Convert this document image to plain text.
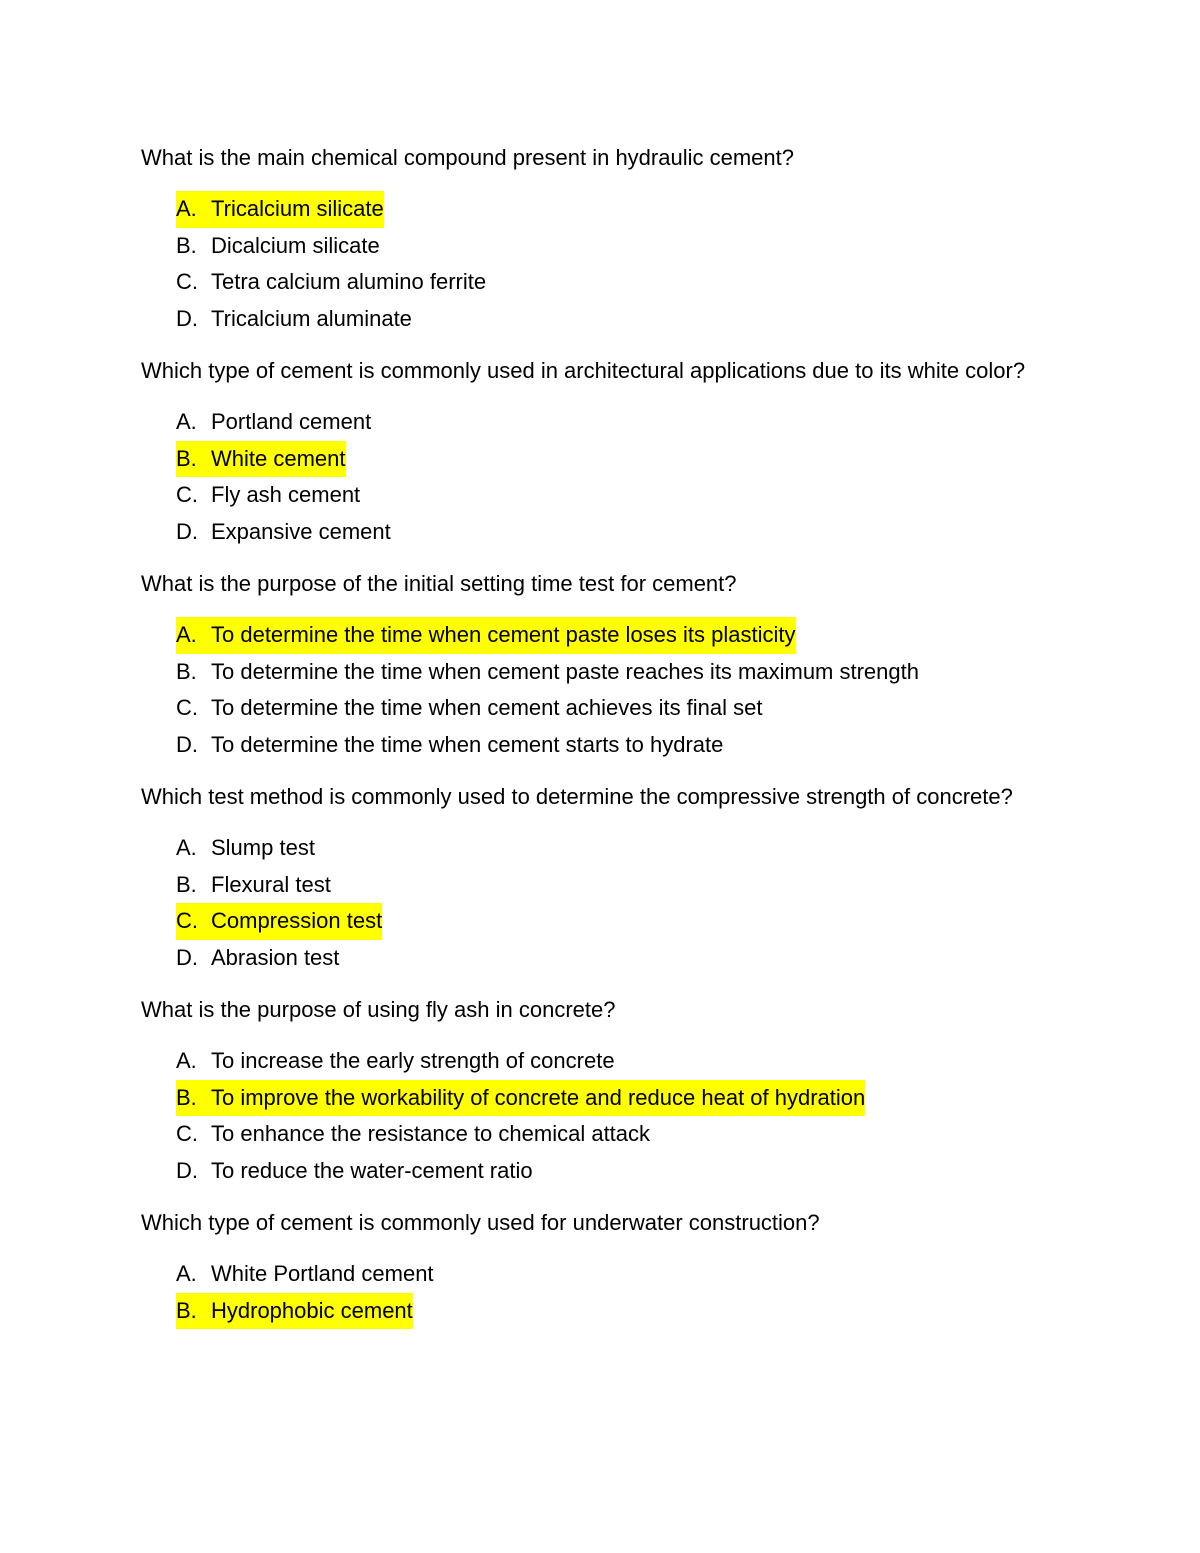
What is the main chemical compound present in hydraulic cement?
A. Tricalcium silicate
B. Dicalcium silicate
C. Tetra calcium alumino ferrite
D. Tricalcium aluminate
Which type of cement is commonly used in architectural applications due to its white color?
A. Portland cement
B. White cement
C. Fly ash cement
D. Expansive cement
What is the purpose of the initial setting time test for cement?
A. To determine the time when cement paste loses its plasticity
B. To determine the time when cement paste reaches its maximum strength
C. To determine the time when cement achieves its final set
D. To determine the time when cement starts to hydrate
Which test method is commonly used to determine the compressive strength of concrete?
A. Slump test
B. Flexural test
C. Compression test
D. Abrasion test
What is the purpose of using fly ash in concrete?
A. To increase the early strength of concrete
B. To improve the workability of concrete and reduce heat of hydration
C. To enhance the resistance to chemical attack
D. To reduce the water-cement ratio
Which type of cement is commonly used for underwater construction?
A. White Portland cement
B. Hydrophobic cement
